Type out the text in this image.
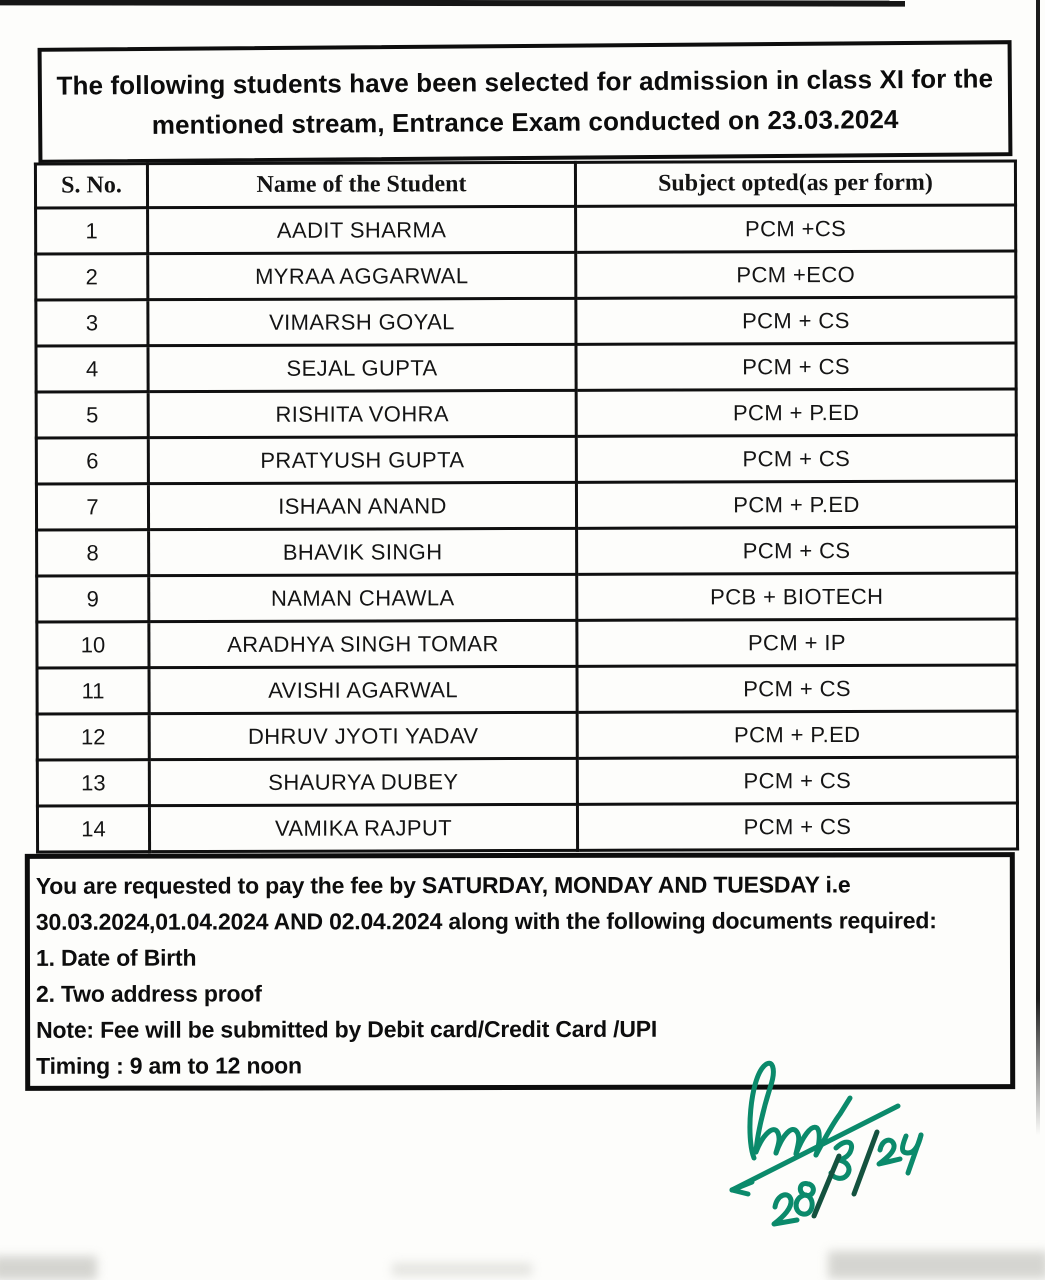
The following students have been selected for admission in class XI for the
mentioned stream, Entrance Exam conducted on 23.03.2024
S. No.	Name of the Student	Subject opted(as per form)
1	AADIT SHARMA	PCM +CS
2	MYRAA AGGARWAL	PCM +ECO
3	VIMARSH GOYAL	PCM + CS
4	SEJAL GUPTA	PCM + CS
5	RISHITA VOHRA	PCM + P.ED
6	PRATYUSH GUPTA	PCM + CS
7	ISHAAN ANAND	PCM + P.ED
8	BHAVIK SINGH	PCM + CS
9	NAMAN CHAWLA	PCB + BIOTECH
10	ARADHYA SINGH TOMAR	PCM + IP
11	AVISHI AGARWAL	PCM + CS
12	DHRUV JYOTI YADAV	PCM + P.ED
13	SHAURYA DUBEY	PCM + CS
14	VAMIKA RAJPUT	PCM + CS

You are requested to pay the fee by SATURDAY, MONDAY AND TUESDAY i.e

30.03.2024,01.04.2024 AND 02.04.2024 along with the following documents required:

1. Date of Birth

2. Two address proof

Note: Fee will be submitted by Debit card/Credit Card /UPI

Timing : 9 am to 12 noon
